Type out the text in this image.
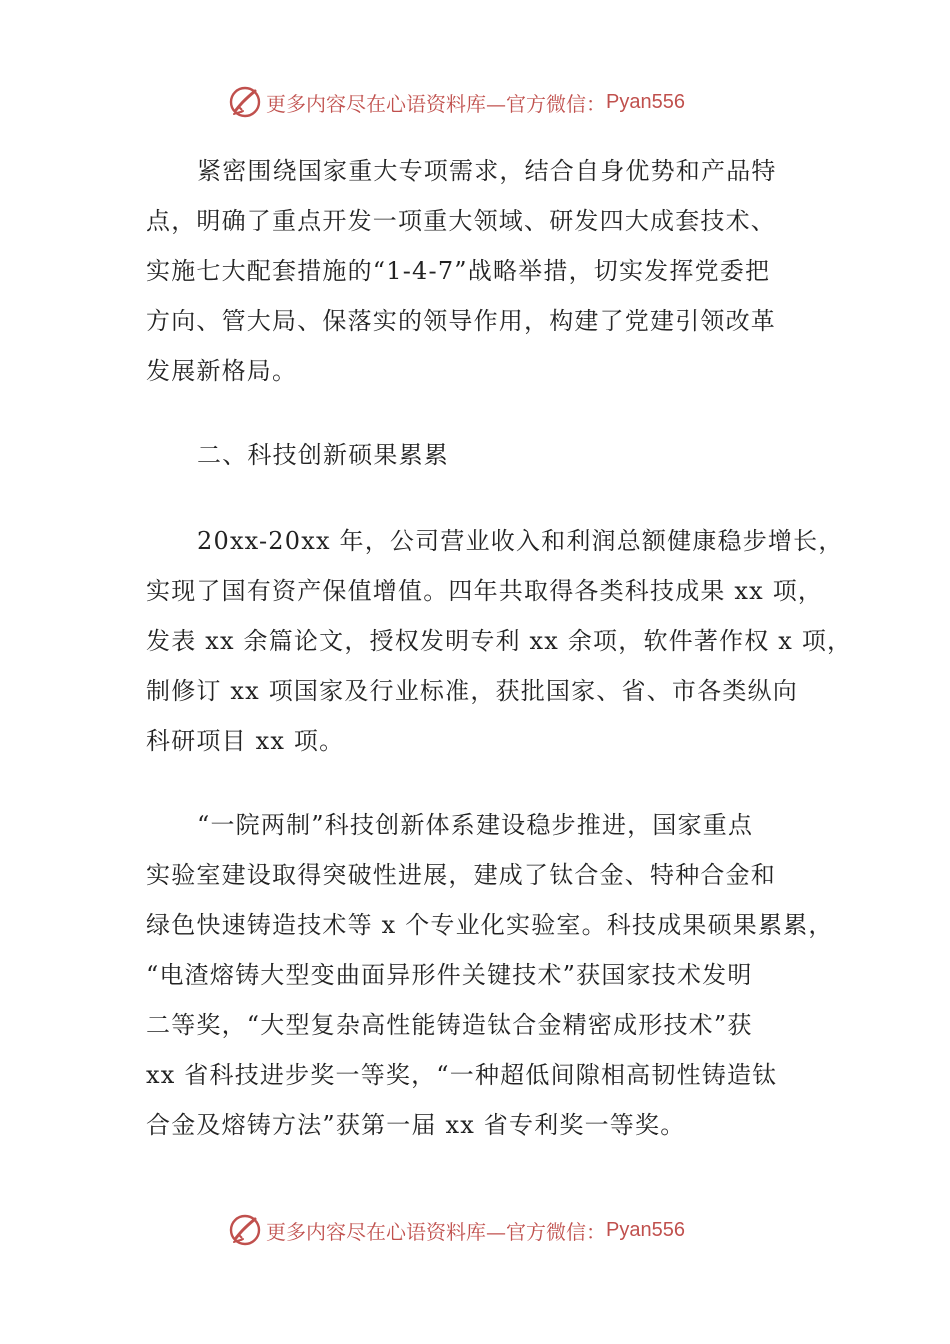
更多内容尽在心语资料库—官方微信： Pyan556
紧密围绕国家重大专项需求，结合自身优势和产品特
点，明确了重点开发一项重大领域、研发四大成套技术、
实施七大配套措施的“1-4-7”战略举措，切实发挥党委把
方向、管大局、保落实的领导作用，构建了党建引领改革
发展新格局。
二、科技创新硕果累累
20xx-20xx 年，公司营业收入和利润总额健康稳步增长，
实现了国有资产保值增值。四年共取得各类科技成果 xx 项，
发表 xx 余篇论文，授权发明专利 xx 余项，软件著作权 x 项，
制修订 xx 项国家及行业标准，获批国家、省、市各类纵向
科研项目 xx 项。
“一院两制”科技创新体系建设稳步推进，国家重点
实验室建设取得突破性进展，建成了钛合金、特种合金和
绿色快速铸造技术等 x 个专业化实验室。科技成果硕果累累，
“电渣熔铸大型变曲面异形件关键技术”获国家技术发明
二等奖，“大型复杂高性能铸造钛合金精密成形技术”获
xx 省科技进步奖一等奖，“一种超低间隙相高韧性铸造钛
合金及熔铸方法”获第一届 xx 省专利奖一等奖。
更多内容尽在心语资料库—官方微信： Pyan556
